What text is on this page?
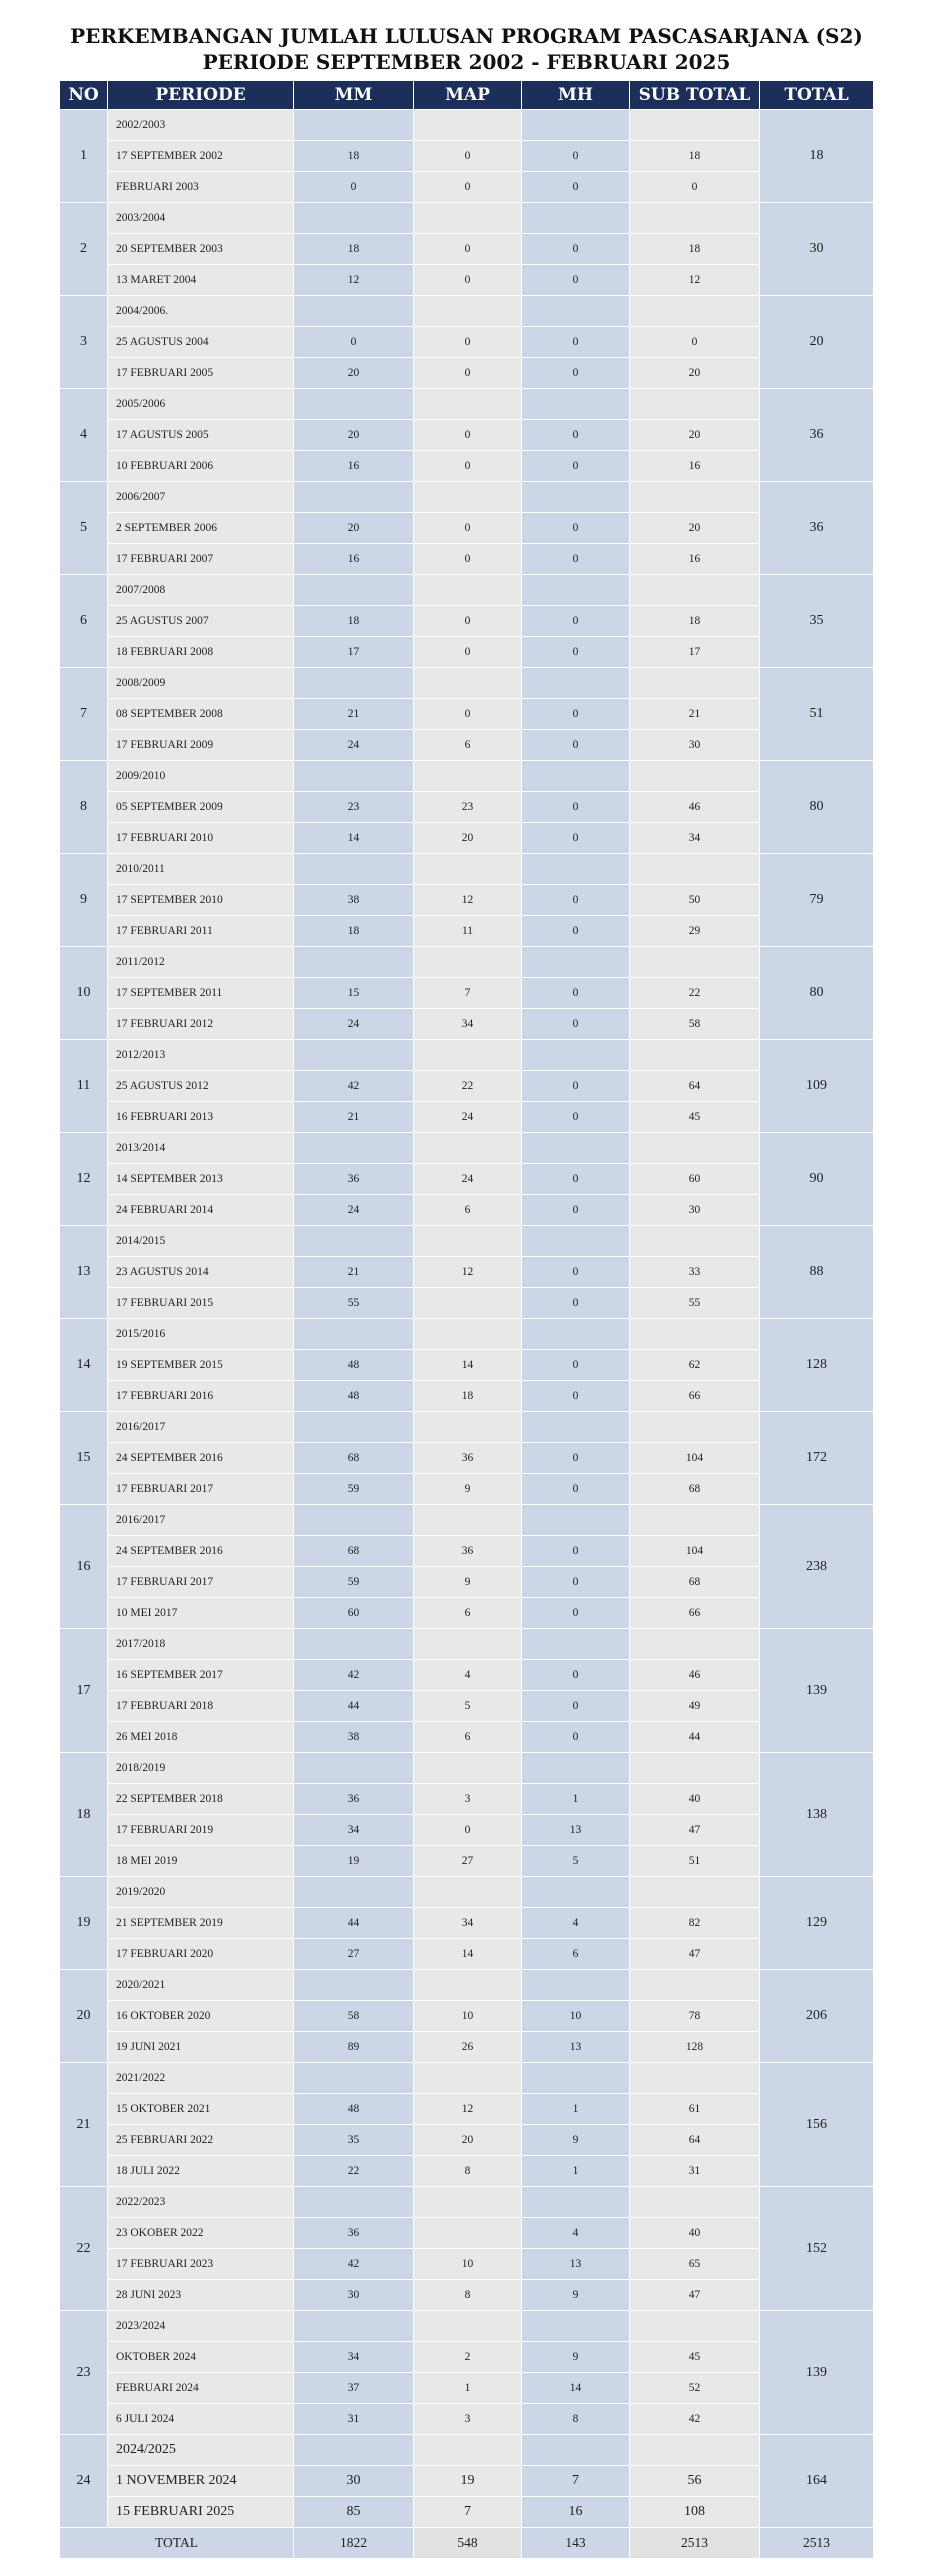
PERKEMBANGAN JUMLAH LULUSAN PROGRAM PASCASARJANA (S2)
PERIODE SEPTEMBER 2002 - FEBRUARI 2025
NO	PERIODE	MM	MAP	MH	SUB TOTAL	TOTAL
1	2002/2003					18
	17 SEPTEMBER 2002	18	0	0	18	
	FEBRUARI 2003	0	0	0	0	
2	2003/2004					30
	20 SEPTEMBER 2003	18	0	0	18	
	13 MARET 2004	12	0	0	12	
3	2004/2006.					20
	25 AGUSTUS 2004	0	0	0	0	
	17 FEBRUARI 2005	20	0	0	20	
4	2005/2006					36
	17 AGUSTUS 2005	20	0	0	20	
	10 FEBRUARI 2006	16	0	0	16	
5	2006/2007					36
	2 SEPTEMBER 2006	20	0	0	20	
	17 FEBRUARI 2007	16	0	0	16	
6	2007/2008					35
	25 AGUSTUS 2007	18	0	0	18	
	18 FEBRUARI 2008	17	0	0	17	
7	2008/2009					51
	08 SEPTEMBER 2008	21	0	0	21	
	17 FEBRUARI 2009	24	6	0	30	
8	2009/2010					80
	05 SEPTEMBER 2009	23	23	0	46	
	17 FEBRUARI 2010	14	20	0	34	
9	2010/2011					79
	17 SEPTEMBER 2010	38	12	0	50	
	17 FEBRUARI 2011	18	11	0	29	
10	2011/2012					80
	17 SEPTEMBER 2011	15	7	0	22	
	17 FEBRUARI 2012	24	34	0	58	
11	2012/2013					109
	25 AGUSTUS 2012	42	22	0	64	
	16 FEBRUARI 2013	21	24	0	45	
12	2013/2014					90
	14 SEPTEMBER 2013	36	24	0	60	
	24 FEBRUARI 2014	24	6	0	30	
13	2014/2015					88
	23 AGUSTUS 2014	21	12	0	33	
	17 FEBRUARI 2015	55		0	55	
14	2015/2016					128
	19 SEPTEMBER 2015	48	14	0	62	
	17 FEBRUARI 2016	48	18	0	66	
15	2016/2017					172
	24 SEPTEMBER 2016	68	36	0	104	
	17 FEBRUARI 2017	59	9	0	68	
16	2016/2017					238
	24 SEPTEMBER 2016	68	36	0	104	
	17 FEBRUARI 2017	59	9	0	68	
	10 MEI 2017	60	6	0	66	
17	2017/2018					139
	16 SEPTEMBER 2017	42	4	0	46	
	17 FEBRUARI 2018	44	5	0	49	
	26 MEI 2018	38	6	0	44	
18	2018/2019					138
	22 SEPTEMBER 2018	36	3	1	40	
	17 FEBRUARI 2019	34	0	13	47	
	18 MEI 2019	19	27	5	51	
19	2019/2020					129
	21 SEPTEMBER 2019	44	34	4	82	
	17 FEBRUARI 2020	27	14	6	47	
20	2020/2021					206
	16 OKTOBER 2020	58	10	10	78	
	19 JUNI 2021	89	26	13	128	
21	2021/2022					156
	15 OKTOBER 2021	48	12	1	61	
	25 FEBRUARI 2022	35	20	9	64	
	18 JULI 2022	22	8	1	31	
22	2022/2023					152
	23 OKOBER 2022	36		4	40	
	17 FEBRUARI 2023	42	10	13	65	
	28 JUNI 2023	30	8	9	47	
23	2023/2024					139
	OKTOBER 2024	34	2	9	45	
	FEBRUARI 2024	37	1	14	52	
	6 JULI 2024	31	3	8	42	
24	2024/2025					164
	1 NOVEMBER 2024	30	19	7	56	
	15 FEBRUARI 2025	85	7	16	108	
TOTAL		1822	548	143	2513	2513
